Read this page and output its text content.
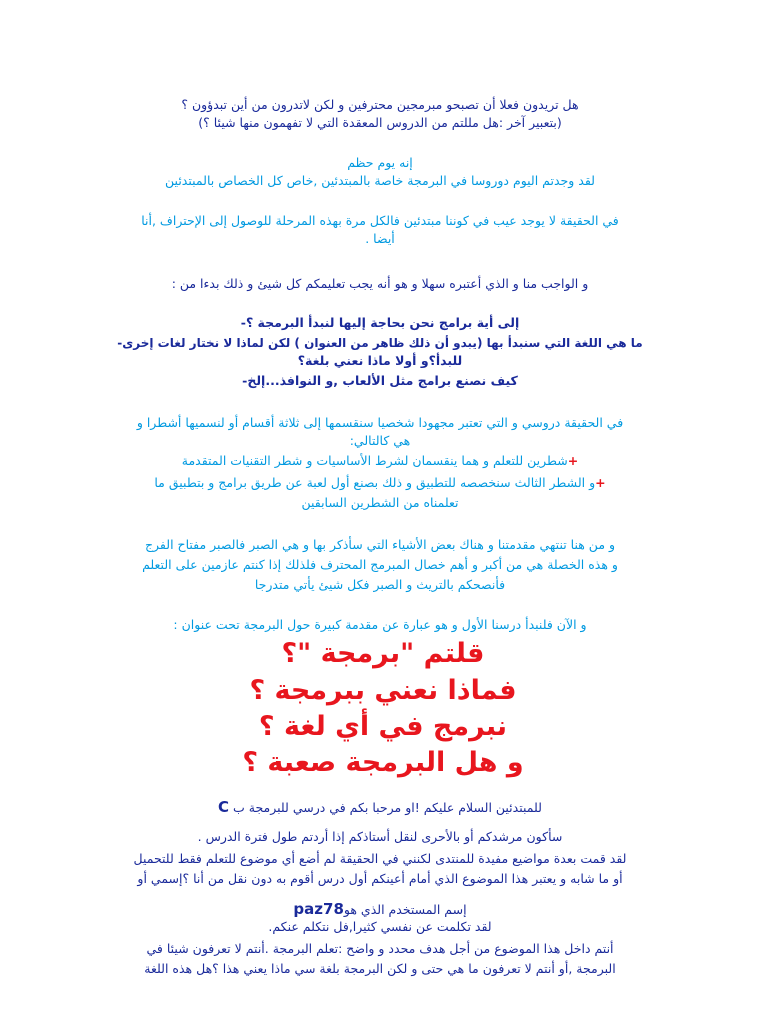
هل تريدون فعلا أن تصبحو مبرمجين محترفين و لكن لاتدرون من أين تبدؤون ؟

(بتعبير آخر :هل مللتم من الدروس المعقدة التي لا تفهمون منها شيئا ؟)

إنه يوم حظم

لقد وجدتم اليوم دوروسا في البرمجة خاصة بالمبتدئين ,خاص كل الخصاص بالمبتدئين

في الحقيقة لا يوجد عيب في كوننا مبتدئين فالكل مرة بهذه المرحلة للوصول إلى الإحتراف ,أنا

أيضا .

و الواجب منا و الذي أعتبره سهلا و هو أنه يجب تعليمكم كل شيئ و ذلك بدءا من :

إلى أية برامج نحن بحاجة إليها لنبدأ البرمجة ؟-

ما هي اللغة التي سنبدأ بها (يبدو أن ذلك ظاهر من العنوان ) لكن لماذا لا نختار لغات إخرى-

للبدأ؟و أولا ماذا نعني بلغة؟

كيف نصنع برامج مثل الألعاب ,و النوافذ...إلخ-

في الحقيقة دروسي و التي تعتبر مجهودا شخصيا سنقسمها إلى ثلاثة أقسام أو لنسميها أشطرا و

هي كالتالي:

+شطرين للتعلم و هما ينقسمان لشرط الأساسيات و شطر التقنيات المتقدمة

+و الشطر الثالث سنخصصه للتطبيق و ذلك بصنع أول لعبة عن طريق برامج و بتطبيق ما

تعلمناه من الشطرين السابقين

و من هنا تنتهي مقدمتنا و هناك بعض الأشياء التي سأذكر بها و هي الصبر فالصبر مفتاح الفرج

و هذه الخصلة هي من أكبر و أهم خصال المبرمج المحترف فلذلك إذا كنتم عازمين على التعلم

فأنصحكم بالتريث و الصبر فكل شيئ يأتي متدرجا

و الآن فلنبدأ درسنا الأول و هو عبارة عن مقدمة كبيرة حول البرمجة تحت عنوان :

قلتم "برمجة "؟

فماذا نعني ببرمجة ؟

نبرمج في أي لغة ؟

و هل البرمجة صعبة ؟

للمبتدئين السلام عليكم !او مرحبا بكم في درسي للبرمجة ب C

سأكون مرشدكم أو بالأحرى لنقل أستاذكم إذا أردتم طول فترة الدرس .

لقد قمت بعدة مواضيع مفيدة للمنتدى لكنني في الحقيقة لم أضع أي موضوع للتعلم فقط للتحميل

أو ما شابه و يعتبر هذا الموضوع الذي أمام أعينكم أول درس أقوم به دون نقل من أنا ؟إسمي أو

إسم المستخدم الذي هوpaz78

لقد تكلمت عن نفسي كثيرا,فل نتكلم عنكم.

أنتم داخل هذا الموضوع من أجل هدف محدد و واضح :تعلم البرمجة .أنتم لا تعرفون شيئا في

البرمجة ,أو أنتم لا تعرفون ما هي حتى و لكن البرمجة بلغة سي ماذا يعني هذا ؟هل هذه اللغة
